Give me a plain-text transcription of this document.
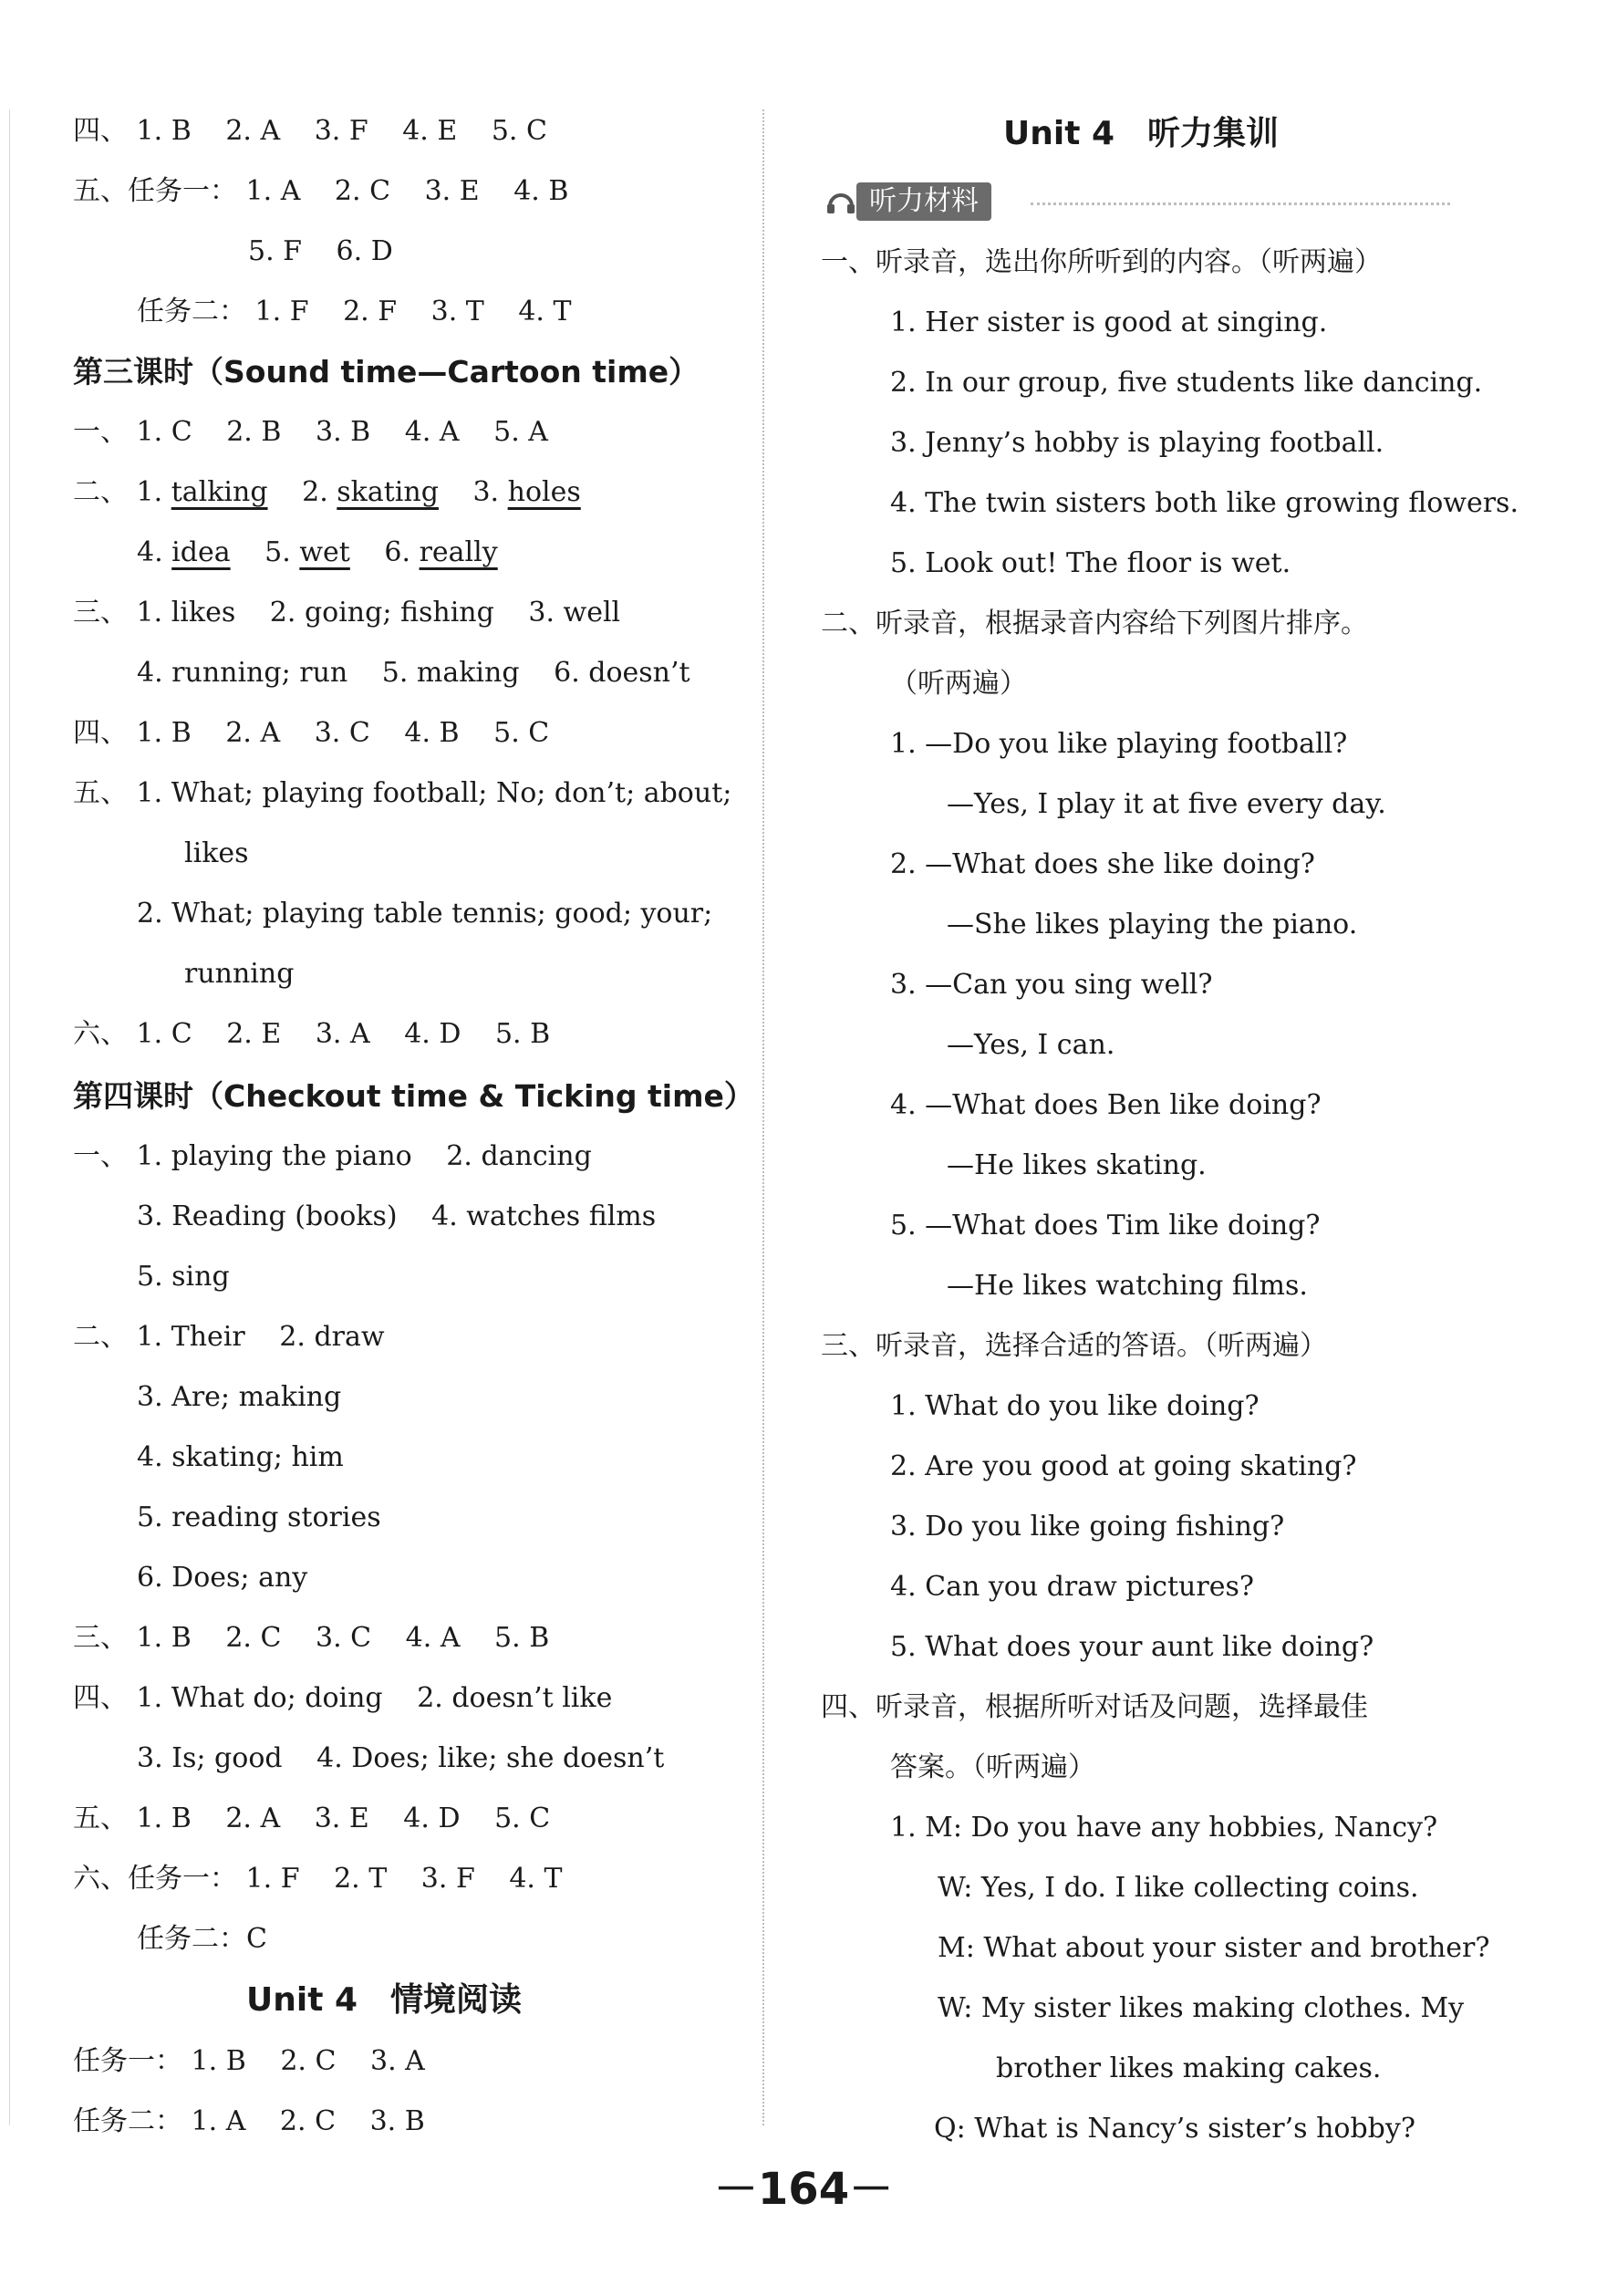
四、 1. B 2. A 3. F 4. E 5. C
五、任务一： 1. A 2. C 3. E 4. B
5. F 6. D
任务二： 1. F 2. F 3. T 4. T
第三课时（Sound time—Cartoon time）
一、 1. C 2. B 3. B 4. A 5. A
二、 1. talking 2. skating 3. holes
4. idea 5. wet 6. really
三、 1. likes 2. going; fishing 3. well
4. running; run 5. making 6. doesn’t
四、 1. B 2. A 3. C 4. B 5. C
五、 1. What; playing football; No; don’t; about;
likes
2. What; playing table tennis; good; your;
running
六、 1. C 2. E 3. A 4. D 5. B
第四课时（Checkout time & Ticking time）
一、 1. playing the piano 2. dancing
3. Reading (books) 4. watches films
5. sing
二、 1. Their 2. draw
3. Are; making
4. skating; him
5. reading stories
6. Does; any
三、 1. B 2. C 3. C 4. A 5. B
四、 1. What do; doing 2. doesn’t like
3. Is; good 4. Does; like; she doesn’t
五、 1. B 2. A 3. E 4. D 5. C
六、任务一： 1. F 2. T 3. F 4. T
任务二：C
Unit 4　情境阅读
任务一： 1. B 2. C 3. A
任务二： 1. A 2. C 3. B
Unit 4　听力集训
听力材料
一、听录音，选出你所听到的内容。（听两遍）
1. Her sister is good at singing.
2. In our group, five students like dancing.
3. Jenny’s hobby is playing football.
4. The twin sisters both like growing flowers.
5. Look out! The floor is wet.
二、听录音，根据录音内容给下列图片排序。
（听两遍）
1. —Do you like playing football?
—Yes, I play it at five every day.
2. —What does she like doing?
—She likes playing the piano.
3. —Can you sing well?
—Yes, I can.
4. —What does Ben like doing?
—He likes skating.
5. —What does Tim like doing?
—He likes watching films.
三、听录音，选择合适的答语。（听两遍）
1. What do you like doing?
2. Are you good at going skating?
3. Do you like going fishing?
4. Can you draw pictures?
5. What does your aunt like doing?
四、听录音，根据所听对话及问题，选择最佳
答案。（听两遍）
1. M: Do you have any hobbies, Nancy?
W: Yes, I do. I like collecting coins.
M: What about your sister and brother?
W: My sister likes making clothes. My
brother likes making cakes.
Q: What is Nancy’s sister’s hobby?
－164－
